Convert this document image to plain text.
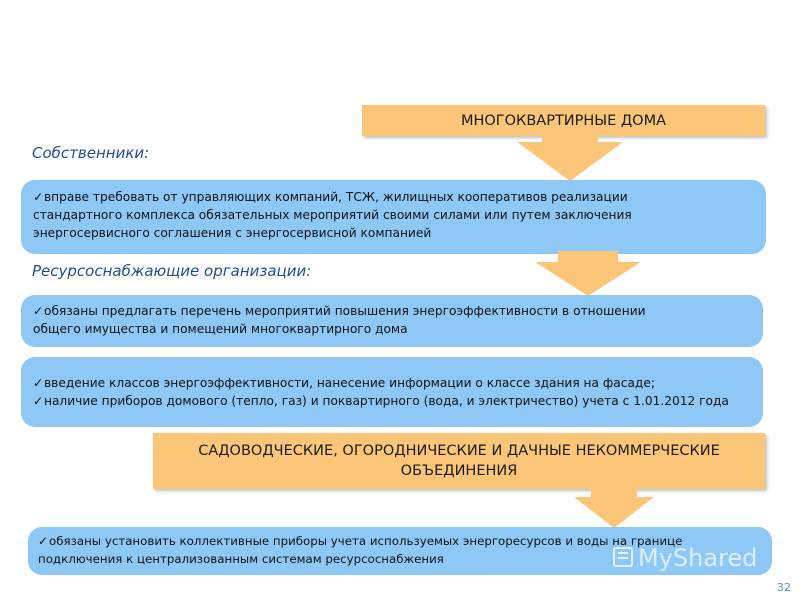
МНОГОКВАРТИРНЫЕ ДОМА
Собственники:
✓вправе требовать от управляющих компаний, ТСЖ, жилищных кооперативов реализации
стандартного комплекса обязательных мероприятий своими силами или путем заключения
энергосервисного соглашения с энергосервисной компанией
Ресурсоснабжающие организации:
✓обязаны предлагать перечень мероприятий повышения энергоэффективности в отношении
общего имущества и помещений многоквартирного дома
✓введение классов энергоэффективности, нанесение информации о классе здания на фасаде;
✓наличие приборов домового (тепло, газ) и поквартирного (вода, и электричество) учета с 1.01.2012 года
САДОВОДЧЕСКИЕ, ОГОРОДНИЧЕСКИЕ И ДАЧНЫЕ НЕКОММЕРЧЕСКИЕ
ОБЪЕДИНЕНИЯ
✓обязаны установить коллективные приборы учета используемых энергоресурсов и воды на границе
подключения к централизованным системам ресурсоснабжения	MyShared
32
